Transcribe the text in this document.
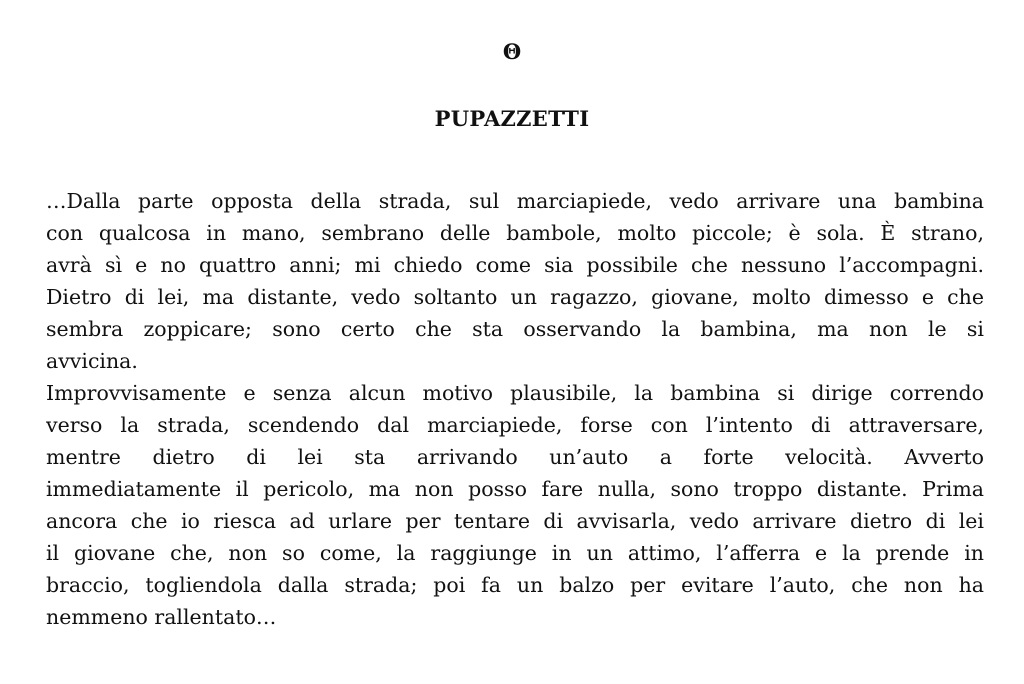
Θ
PUPAZZETTI
…Dalla parte opposta della strada, sul marciapiede, vedo arrivare una bambina
con qualcosa in mano, sembrano delle bambole, molto piccole; è sola. È strano,
avrà sì e no quattro anni; mi chiedo come sia possibile che nessuno l’accompagni.
Dietro di lei, ma distante, vedo soltanto un ragazzo, giovane, molto dimesso e che
sembra zoppicare; sono certo che sta osservando la bambina, ma non le si
avvicina.
Improvvisamente e senza alcun motivo plausibile, la bambina si dirige correndo
verso la strada, scendendo dal marciapiede, forse con l’intento di attraversare,
mentre dietro di lei sta arrivando un’auto a forte velocità. Avverto
immediatamente il pericolo, ma non posso fare nulla, sono troppo distante. Prima
ancora che io riesca ad urlare per tentare di avvisarla, vedo arrivare dietro di lei
il giovane che, non so come, la raggiunge in un attimo, l’afferra e la prende in
braccio, togliendola dalla strada; poi fa un balzo per evitare l’auto, che non ha
nemmeno rallentato…
